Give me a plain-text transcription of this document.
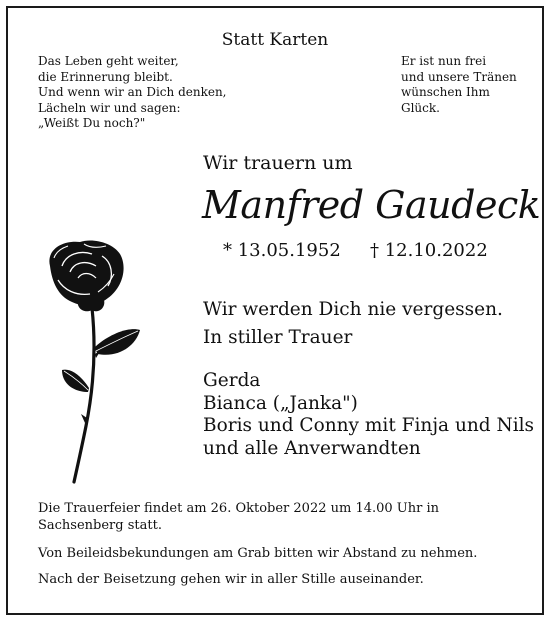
Statt Karten
Das Leben geht weiter,
die Erinnerung bleibt.
Und wenn wir an Dich denken,
Lächeln wir und sagen:
„Weißt Du noch?"
Er ist nun frei
und unsere Tränen
wünschen Ihm
Glück.
Wir trauern um
Manfred Gaudeck
* 13.05.1952 † 12.10.2022
Wir werden Dich nie vergessen.
In stiller Trauer
Gerda
Bianca („Janka")
Boris und Conny mit Finja und Nils
und alle Anverwandten
Die Trauerfeier findet am 26. Oktober 2022 um 14.00 Uhr in Sachsenberg statt.
Von Beileidsbekundungen am Grab bitten wir Abstand zu nehmen.
Nach der Beisetzung gehen wir in aller Stille auseinander.
